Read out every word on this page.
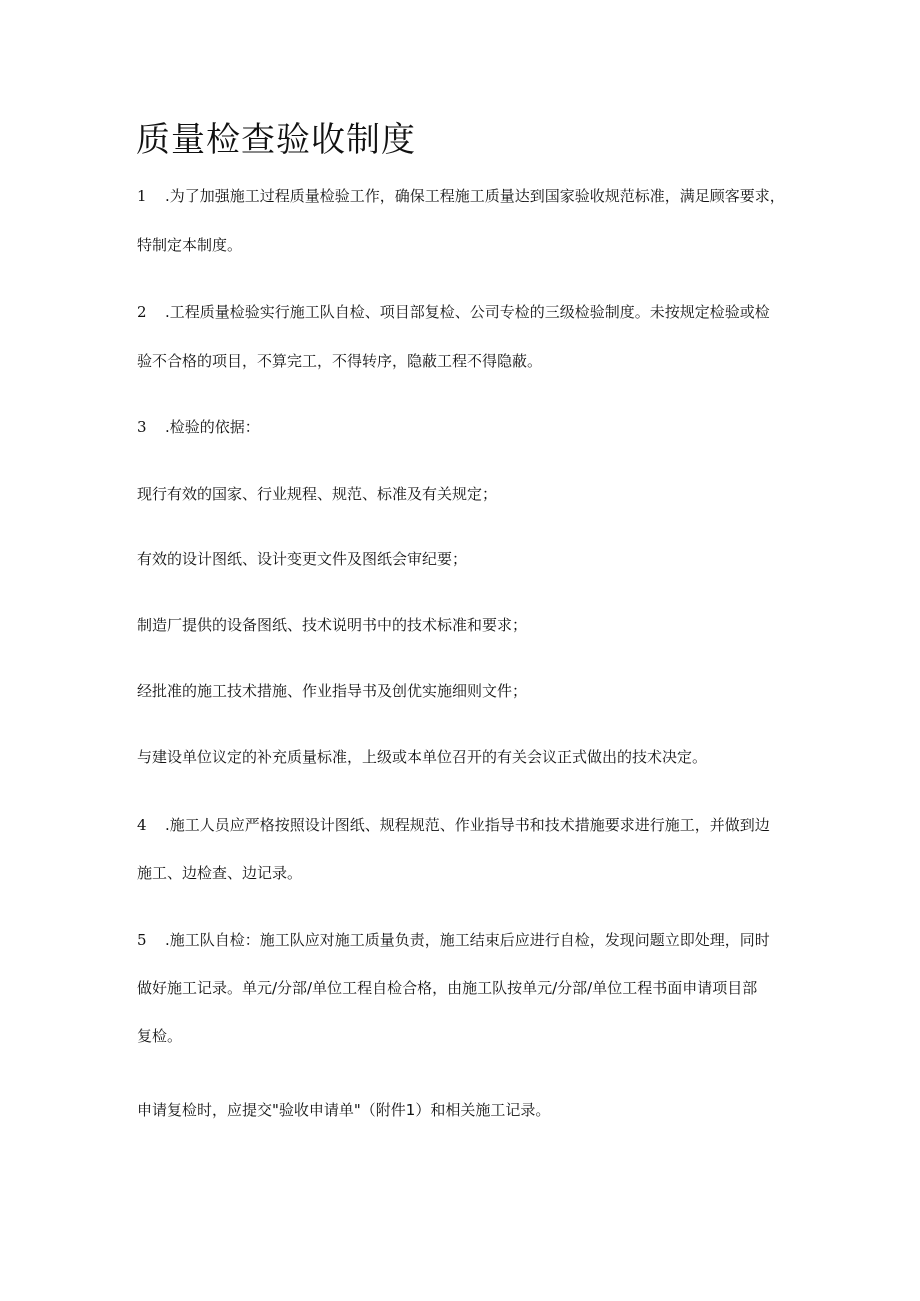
质量检查验收制度
1 .为了加强施工过程质量检验工作，确保工程施工质量达到国家验收规范标准，满足顾客要求，
特制定本制度。
2 .工程质量检验实行施工队自检、项目部复检、公司专检的三级检验制度。未按规定检验或检
验不合格的项目，不算完工，不得转序，隐蔽工程不得隐蔽。
3 .检验的依据：
现行有效的国家、行业规程、规范、标准及有关规定；
有效的设计图纸、设计变更文件及图纸会审纪要；
制造厂提供的设备图纸、技术说明书中的技术标准和要求；
经批准的施工技术措施、作业指导书及创优实施细则文件；
与建设单位议定的补充质量标准，上级或本单位召开的有关会议正式做出的技术决定。
4 .施工人员应严格按照设计图纸、规程规范、作业指导书和技术措施要求进行施工，并做到边
施工、边检查、边记录。
5 .施工队自检：施工队应对施工质量负责，施工结束后应进行自检，发现问题立即处理，同时
做好施工记录。单元/分部/单位工程自检合格，由施工队按单元/分部/单位工程书面申请项目部
复检。
申请复检时，应提交"验收申请单"（附件1）和相关施工记录。
